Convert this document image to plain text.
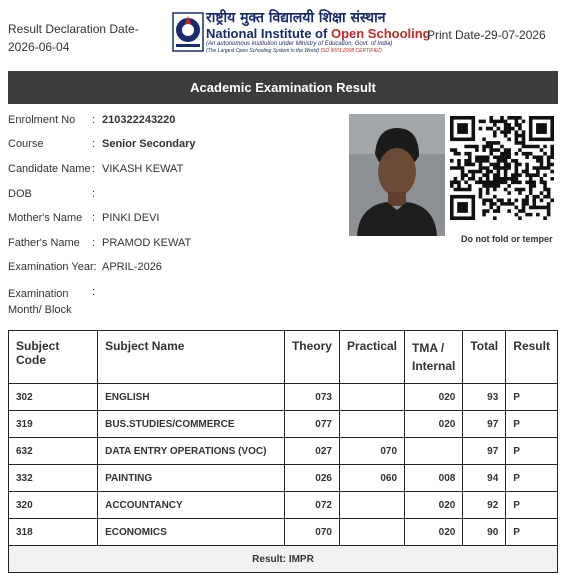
Result Declaration Date-
2026-06-04
राष्ट्रीय मुक्त विद्यालयी शिक्षा संस्थान
National Institute of Open Schooling
(An autonomous institution under Ministry of Education, Govt. of India)
(The Largest Open Schooling System in the World) ISO 9001:2008 CERTIFIED
Print Date-29-07-2026
Academic Examination Result
Enrolment No : 210322243220
Course	: Senior Secondary
Candidate Name : VIKASH KEWAT
DOB	:
Mother's Name : PINKI DEVI
Father's Name : PRAMOD KEWAT
Examination Year: APRIL-2026
Examination
Month/ Block
:
Do not fold or temper
Subject Code	Subject Name	Theory	Practical	TMA / Internal	Total	Result
302	ENGLISH	073		020	93	P
319	BUS.STUDIES/COMMERCE	077		020	97	P
632	DATA ENTRY OPERATIONS (VOC)	027	070		97	P
332	PAINTING	026	060	008	94	P
320	ACCOUNTANCY	072		020	92	P
318	ECONOMICS	070		020	90	P
Result: IMPR						
